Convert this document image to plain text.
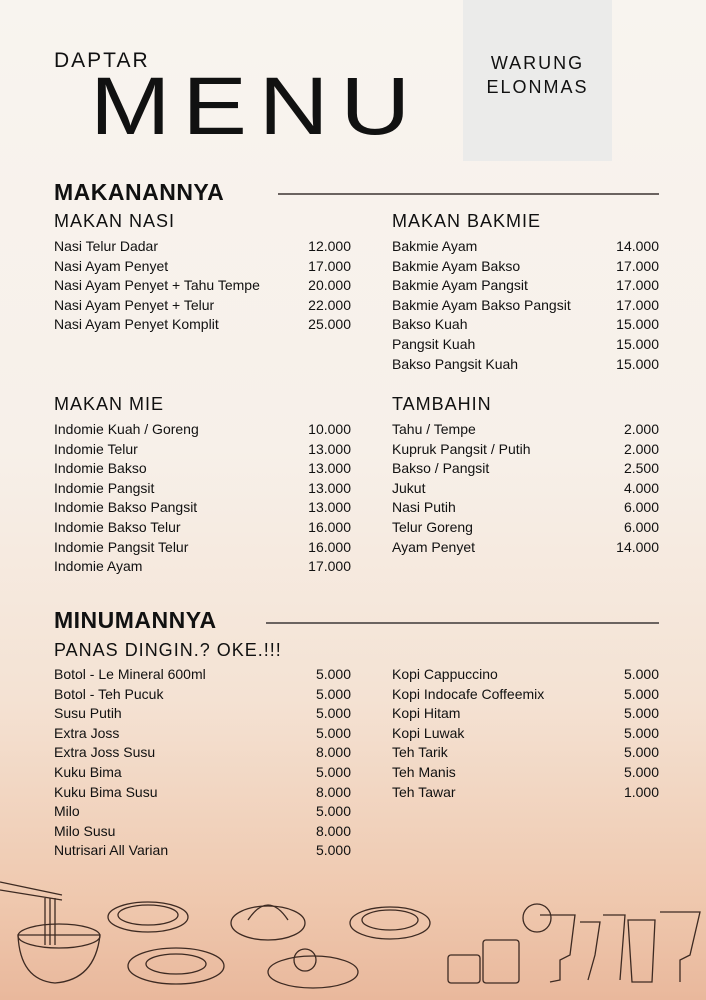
DAPTAR
MENU	WARUNG
ELONMAS
MAKANANNYA
MAKAN NASI
Nasi Telur Dadar	12.000
Nasi Ayam Penyet	17.000
Nasi Ayam Penyet + Tahu Tempe	20.000
Nasi Ayam Penyet + Telur	22.000
Nasi Ayam Penyet Komplit	25.000
MAKAN BAKMIE
Bakmie Ayam	14.000
Bakmie Ayam Bakso	17.000
Bakmie Ayam Pangsit	17.000
Bakmie Ayam Bakso Pangsit	17.000
Bakso Kuah	15.000
Pangsit Kuah	15.000
Bakso Pangsit Kuah	15.000
MAKAN MIE
Indomie Kuah / Goreng	10.000
Indomie Telur	13.000
Indomie Bakso	13.000
Indomie Pangsit	13.000
Indomie Bakso Pangsit	13.000
Indomie Bakso Telur	16.000
Indomie Pangsit Telur	16.000
Indomie Ayam	17.000
TAMBAHIN
Tahu / Tempe	2.000
Kupruk Pangsit / Putih	2.000
Bakso / Pangsit	2.500
Jukut	4.000
Nasi Putih	6.000
Telur Goreng	6.000
Ayam Penyet	14.000
MINUMANNYA
PANAS DINGIN.? OKE.!!!
Botol - Le Mineral 600ml	5.000
Botol - Teh Pucuk	5.000
Susu Putih	5.000
Extra Joss	5.000
Extra Joss Susu	8.000
Kuku Bima	5.000
Kuku Bima Susu	8.000
Milo	5.000
Milo Susu	8.000
Nutrisari All Varian	5.000
Kopi Cappuccino	5.000
Kopi Indocafe Coffeemix	5.000
Kopi Hitam	5.000
Kopi Luwak	5.000
Teh Tarik	5.000
Teh Manis	5.000
Teh Tawar	1.000
